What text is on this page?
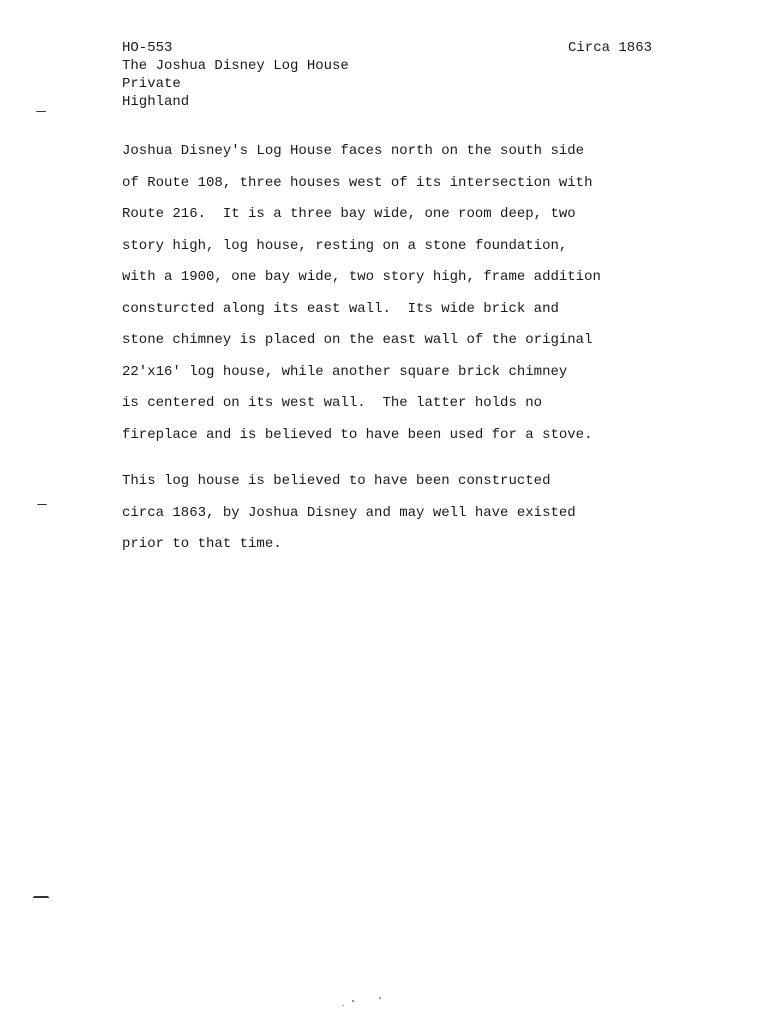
HO-553
The Joshua Disney Log House
Private
Highland
Circa 1863
Joshua Disney's Log House faces north on the south side
of Route 108, three houses west of its intersection with
Route 216.  It is a three bay wide, one room deep, two
story high, log house, resting on a stone foundation,
with a 1900, one bay wide, two story high, frame addition
consturcted along its east wall.  Its wide brick and
stone chimney is placed on the east wall of the original
22'x16' log house, while another square brick chimney
is centered on its west wall.  The latter holds no
fireplace and is believed to have been used for a stove.
This log house is believed to have been constructed
circa 1863, by Joshua Disney and may well have existed
prior to that time.
